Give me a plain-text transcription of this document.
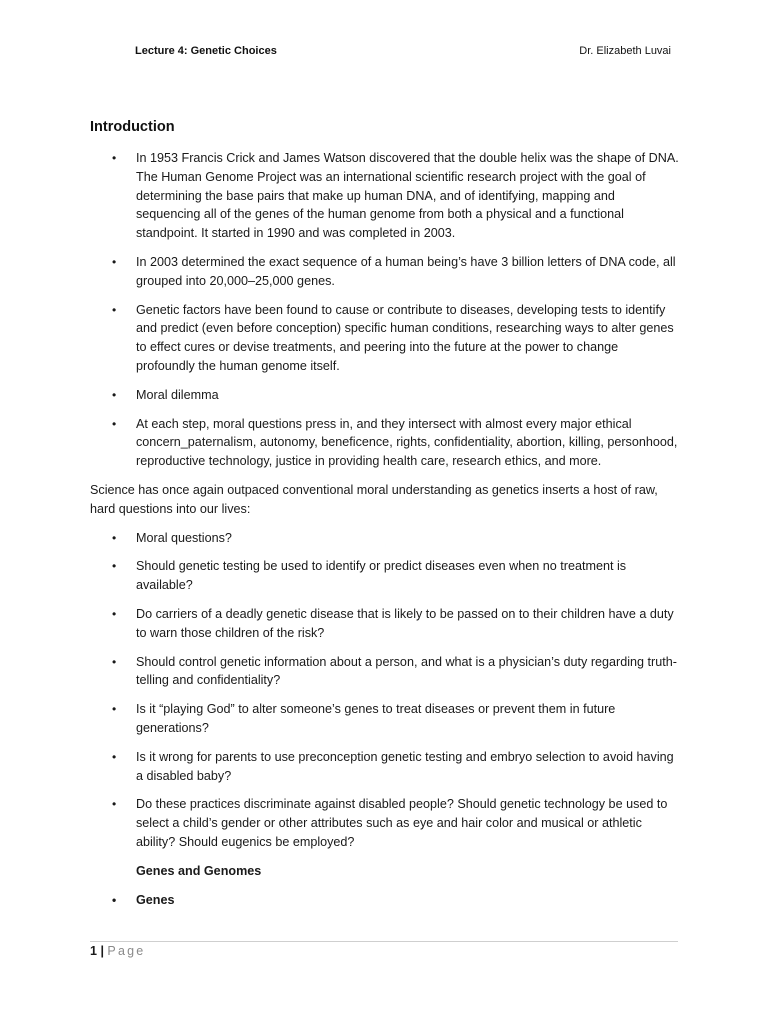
Lecture 4: Genetic Choices	Dr. Elizabeth Luvai
Introduction
• In 1953 Francis Crick and James Watson discovered that the double helix was the shape of DNA. The Human Genome Project was an international scientific research project with the goal of determining the base pairs that make up human DNA, and of identifying, mapping and sequencing all of the genes of the human genome from both a physical and a functional standpoint. It started in 1990 and was completed in 2003.
• In 2003 determined the exact sequence of a human being’s have 3 billion letters of DNA code, all grouped into 20,000–25,000 genes.
• Genetic factors have been found to cause or contribute to diseases, developing tests to identify and predict (even before conception) specific human conditions, researching ways to alter genes to effect cures or devise treatments, and peering into the future at the power to change profoundly the human genome itself.
• Moral dilemma
• At each step, moral questions press in, and they intersect with almost every major ethical concern_paternalism, autonomy, beneficence, rights, confidentiality, abortion, killing, personhood, reproductive technology, justice in providing health care, research ethics, and more.

Science has once again outpaced conventional moral understanding as genetics inserts a host of raw, hard questions into our lives:

• Moral questions?
• Should genetic testing be used to identify or predict diseases even when no treatment is available?
• Do carriers of a deadly genetic disease that is likely to be passed on to their children have a duty to warn those children of the risk?
• Should control genetic information about a person, and what is a physician’s duty regarding truth-telling and confidentiality?
• Is it “playing God” to alter someone’s genes to treat diseases or prevent them in future generations?
• Is it wrong for parents to use preconception genetic testing and embryo selection to avoid having a disabled baby?
• Do these practices discriminate against disabled people? Should genetic technology be used to select a child’s gender or other attributes such as eye and hair color and musical or athletic ability? Should eugenics be employed?
Genes and Genomes
• Genes
1 | Page
